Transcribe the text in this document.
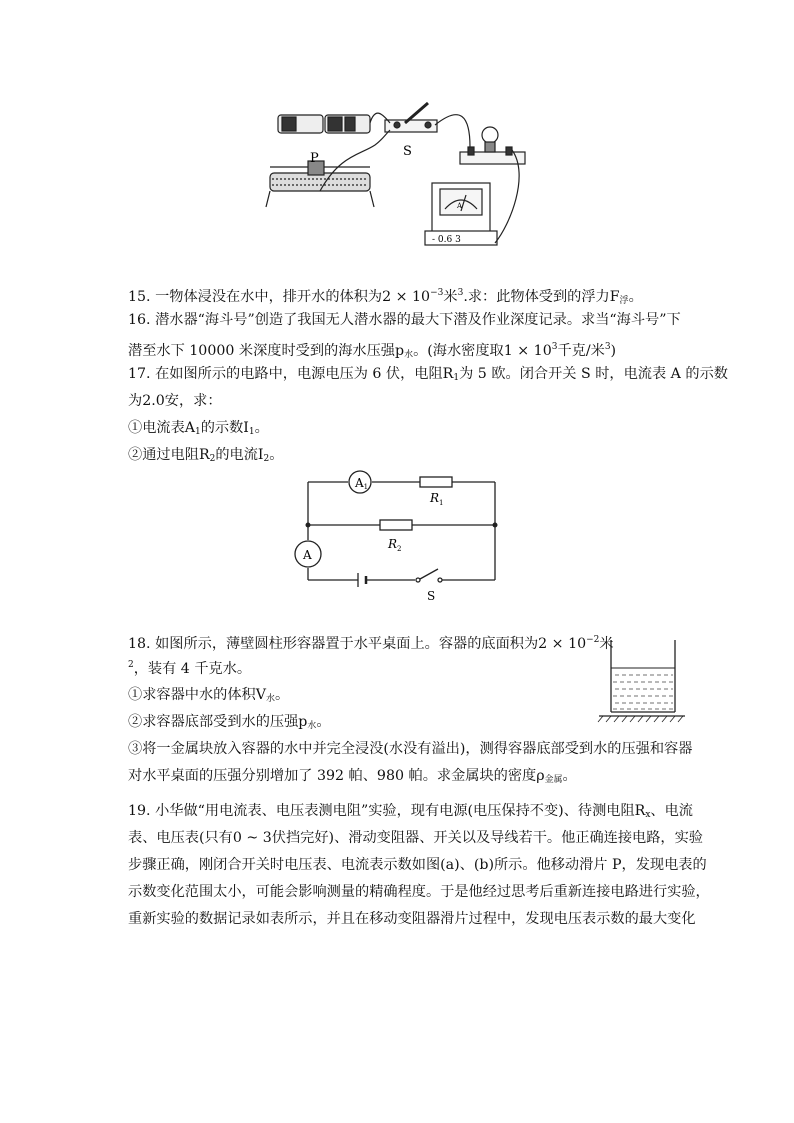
P	S
A
- 0.6 3
15. 一物体浸没在水中，排开水的体积为$2 \times 10^{-3}$米$^3$.求：此物体受到的浮力$F_浮$。
16. 潜水器“海斗号”创造了我国无人潜水器的最大下潜及作业深度记录。求当“海斗号”下
潜至水下 10000 米深度时受到的海水压强$p_水$。(海水密度取$1 \times 10^3$千克/米$^3$)
17. 在如图所示的电路中，电源电压为 6 伏，电阻$R_1$为 5 欧。闭合开关 S 时，电流表 A 的示数
为2.0安，求：
①电流表$A_1$的示数$I_1$。
②通过电阻$R_2$的电流$I_2$。
A1
A
$R_1$
$R_2$
S
18. 如图所示，薄壁圆柱形容器置于水平桌面上。容器的底面积为$2 \times 10^{-2}$米
$^2$，装有 4 千克水。
①求容器中水的体积$V_水$。
②求容器底部受到水的压强$p_水$。
③将一金属块放入容器的水中并完全浸没(水没有溢出)，测得容器底部受到水的压强和容器
对水平桌面的压强分别增加了 392 帕、980 帕。求金属块的密度$\rho_{金属}$。
19. 小华做“用电流表、电压表测电阻”实验，现有电源(电压保持不变)、待测电阻$R_x$、电流
表、电压表(只有0 ~ 3伏挡完好)、滑动变阻器、开关以及导线若干。他正确连接电路，实验
步骤正确，刚闭合开关时电压表、电流表示数如图(a)、(b)所示。他移动滑片 P，发现电表的
示数变化范围太小，可能会影响测量的精确程度。于是他经过思考后重新连接电路进行实验，
重新实验的数据记录如表所示，并且在移动变阻器滑片过程中，发现电压表示数的最大变化
